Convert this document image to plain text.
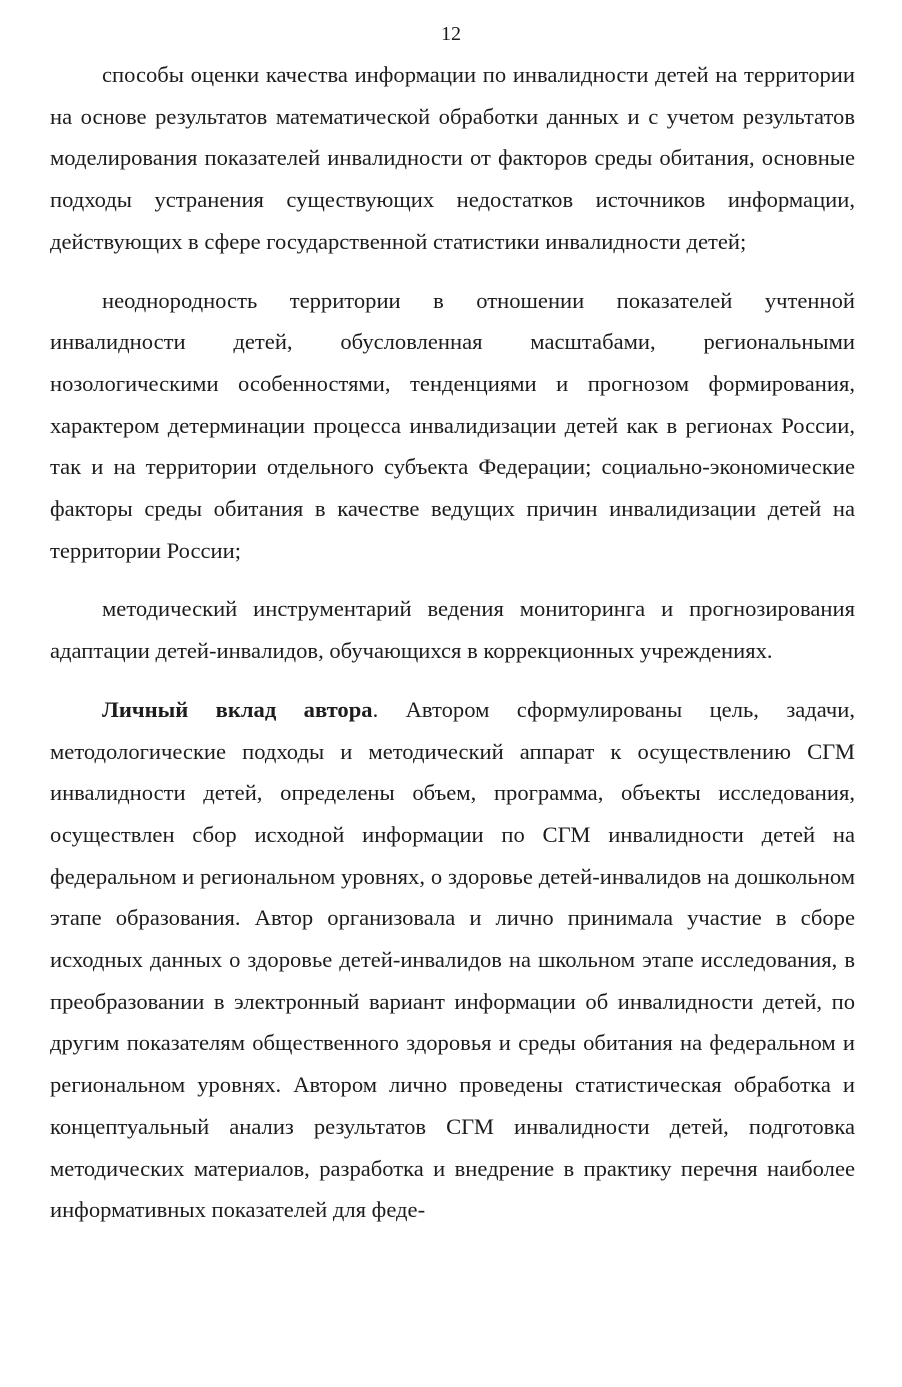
12

способы оценки качества информации по инвалидности детей на территории на основе результатов математической обработки данных и с учетом результатов моделирования показателей инвалидности от факторов среды обитания, основные подходы устранения существующих недостатков источников информации, действующих в сфере государственной статистики инвалидности детей;

неоднородность территории в отношении показателей учтенной инвалидности детей, обусловленная масштабами, региональными нозологическими особенностями, тенденциями и прогнозом формирования, характером детерминации процесса инвалидизации детей как в регионах России, так и на территории отдельного субъекта Федерации; социально-экономические факторы среды обитания в качестве ведущих причин инвалидизации детей на территории России;

методический инструментарий ведения мониторинга и прогнозирования адаптации детей-инвалидов, обучающихся в коррекционных учреждениях.

Личный вклад автора. Автором сформулированы цель, задачи, методологические подходы и методический аппарат к осуществлению СГМ инвалидности детей, определены объем, программа, объекты исследования, осуществлен сбор исходной информации по СГМ инвалидности детей на федеральном и региональном уровнях, о здоровье детей-инвалидов на дошкольном этапе образования. Автор организовала и лично принимала участие в сборе исходных данных о здоровье детей-инвалидов на школьном этапе исследования, в преобразовании в электронный вариант информации об инвалидности детей, по другим показателям общественного здоровья и среды обитания на федеральном и региональном уровнях. Автором лично проведены статистическая обработка и концептуальный анализ результатов СГМ инвалидности детей, подготовка методических материалов, разработка и внедрение в практику перечня наиболее информативных показателей для феде-
